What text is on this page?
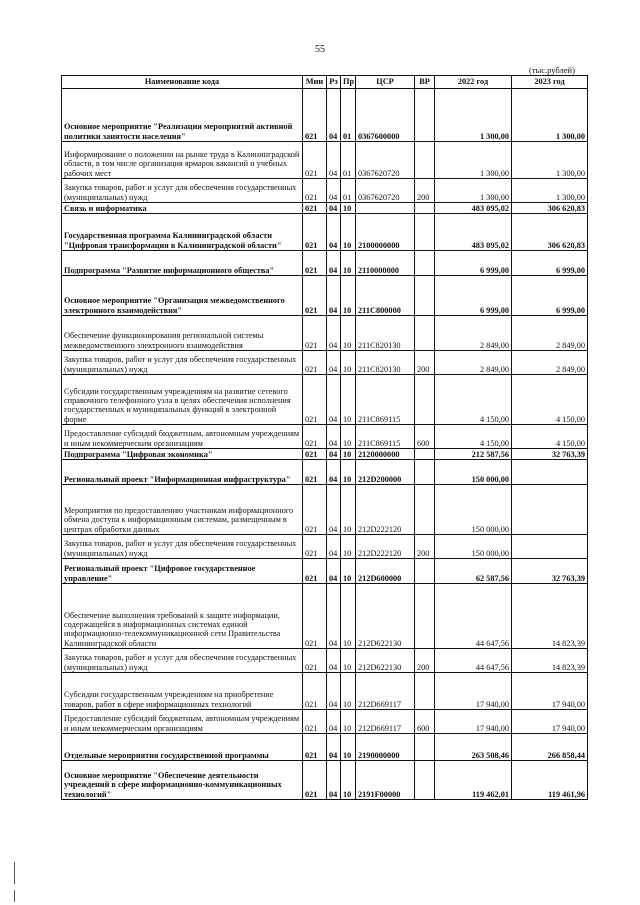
55
(тыс.рублей)
Наименование кода	Мин	Рз	Пр	ЦСР	ВР	2022 год	2023 год
Основное мероприятие "Реализация мероприятий активной политики занятости населения"	021	04	01	0367600000		1 300,00	1 300,00
Информирование о положении на рынке труда в Калининградской области, в том числе организация ярмарок вакансий и учебных рабочих мест	021	04	01	0367620720		1 300,00	1 300,00
Закупка товаров, работ и услуг для обеспечения государственных (муниципальных) нужд	021	04	01	0367620720	200	1 300,00	1 300,00
Связь и информатика	021	04	10			483 095,02	306 620,83
Государственная программа Калининградской области "Цифровая трансформация в Калининградской области"	021	04	10	2100000000		483 095,02	306 620,83
Подпрограмма "Развитие информационного общества"	021	04	10	2110000000		6 999,00	6 999,00
Основное мероприятие "Организация межведомственного электронного взаимодействия"	021	04	10	211C800000		6 999,00	6 999,00
Обеспечение функционирования региональной системы межведомственного электронного взаимодействия	021	04	10	211C820130		2 849,00	2 849,00
Закупка товаров, работ и услуг для обеспечения государственных (муниципальных) нужд	021	04	10	211C820130	200	2 849,00	2 849,00
Субсидии государственным учреждениям на развитие сетевого справочного телефонного узла в целях обеспечения исполнения государственных и муниципальных функций в электронной форме	021	04	10	211C869115		4 150,00	4 150,00
Предоставление субсидий бюджетным, автономным учреждениям и иным некоммерческим организациям	021	04	10	211C869115	600	4 150,00	4 150,00
Подпрограмма "Цифровая экономика"	021	04	10	2120000000		212 587,56	32 763,39
Региональный проект "Информационная инфраструктура"	021	04	10	212D200000		150 000,00	
Мероприятия по предоставлению участникам информационного обмена доступа к информационным системам, размещенным в центрах обработки данных	021	04	10	212D222120		150 000,00	
Закупка товаров, работ и услуг для обеспечения государственных (муниципальных) нужд	021	04	10	212D222120	200	150 000,00	
Региональный проект "Цифровое государственное управление"	021	04	10	212D600000		62 587,56	32 763,39
Обеспечение выполнения требований к защите информации, содержащейся в информационных системах единой информационно-телекоммуникационной сети Правительства Калининградской области	021	04	10	212D622130		44 647,56	14 823,39
Закупка товаров, работ и услуг для обеспечения государственных (муниципальных) нужд	021	04	10	212D622130	200	44 647,56	14 823,39
Субсидии государственным учреждениям на приобретение товаров, работ в сфере информационных технологий	021	04	10	212D669117		17 940,00	17 940,00
Предоставление субсидий бюджетным, автономным учреждениям и иным некоммерческим организациям	021	04	10	212D669117	600	17 940,00	17 940,00
Отдельные мероприятия государственной программы	021	04	10	2190000000		263 508,46	266 858,44
Основное мероприятие "Обеспечение деятельности учреждений в сфере информационно-коммуникационных технологий"	021	04	10	2191F00000		119 462,01	119 461,96
